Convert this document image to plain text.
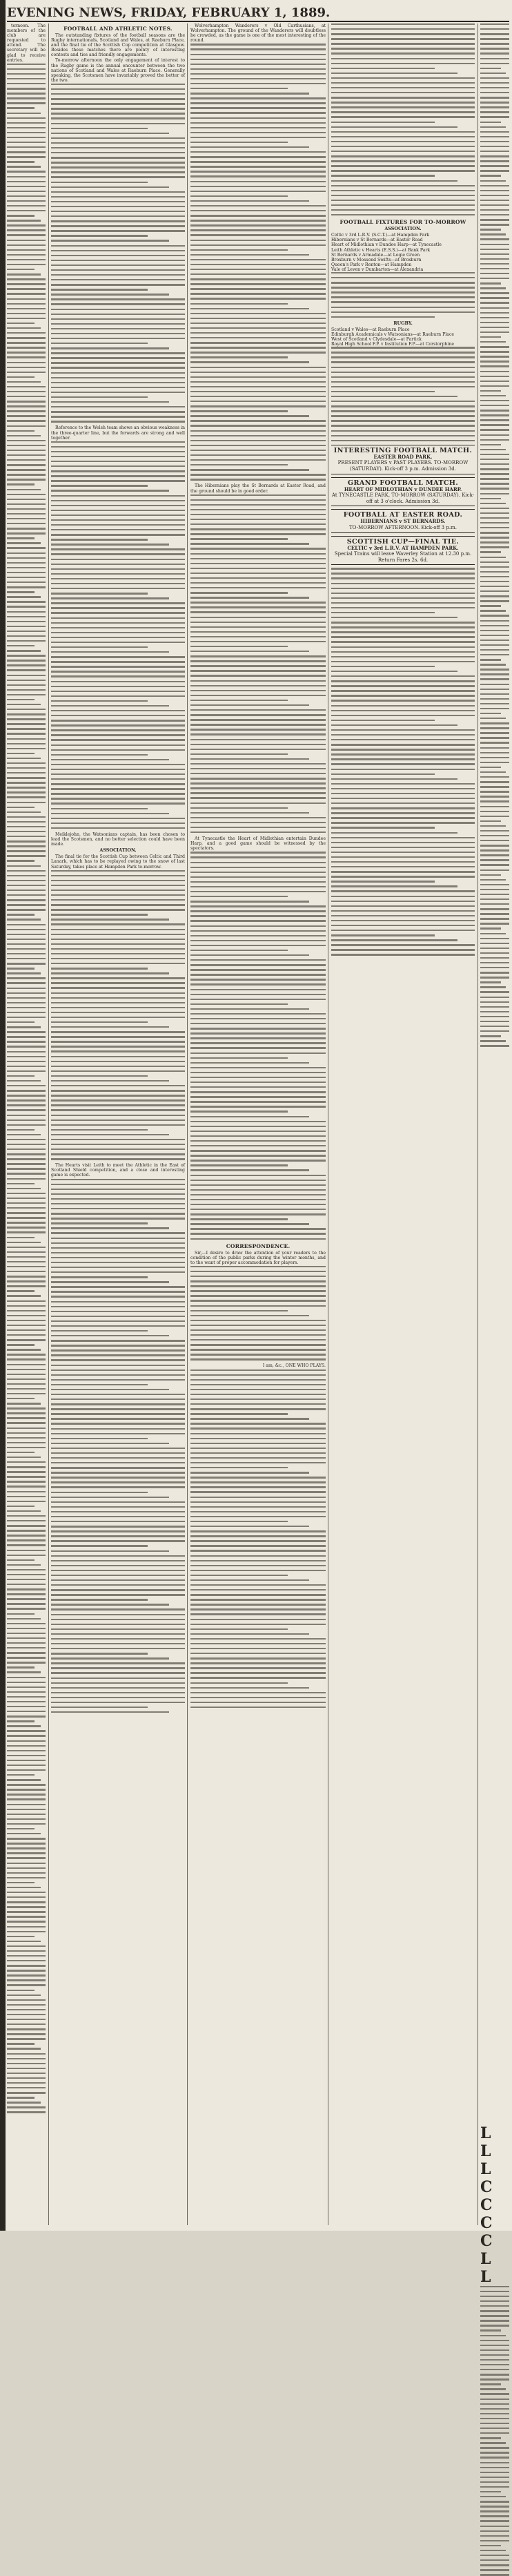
EVENING NEWS, FRIDAY, FEBRUARY 1, 1889.

ternoon. The members of the club are requested to attend. The secretary will be glad to receive entries.

FOOTBALL AND ATHLETIC NOTES.

The outstanding fixtures of the football seasons are the Rugby internationals, Scotland and Wales, at Raeburn Place, and the final tie of the Scottish Cup competition at Glasgow. Besides these matches there are plenty of interesting contests and ties and friendly engagements.

To-morrow afternoon the only engagement of interest to the Rugby game is the annual encounter between the two nations of Scotland and Wales at Raeburn Place. Generally speaking, the Scotsmen have invariably proved the better of the two.

Reference to the Welsh team shows an obvious weakness in the three-quarter line, but the forwards are strong and well together.

Meiklejohn, the Watsonians captain, has been chosen to lead the Scotsmen, and no better selection could have been made.

ASSOCIATION.

The final tie for the Scottish Cup between Celtic and Third Lanark, which has to be replayed owing to the snow of last Saturday, takes place at Hampden Park to-morrow.

The Hearts visit Leith to meet the Athletic in the East of Scotland Shield competition, and a close and interesting game is expected.

Wolverhampton Wanderers v Old Carthusians, at Wolverhampton. The ground of the Wanderers will doubtless be crowded, as the game is one of the most interesting of the round.

The Hibernians play the St Bernards at Easter Road, and the ground should be in good order.

At Tynecastle the Heart of Midlothian entertain Dundee Harp, and a good game should be witnessed by the spectators.

CORRESPONDENCE.

Sir,—I desire to draw the attention of your readers to the condition of the public parks during the winter months, and to the want of proper accommodation for players.

I am, &c., ONE WHO PLAYS.

FOOTBALL FIXTURES FOR TO-MORROW
ASSOCIATION.

Celtic v 3rd L.R.V. (S.C.T.)—at Hampden Park

Hibernians v St Bernards—at Easter Road

Heart of Midlothian v Dundee Harp—at Tynecastle

Leith Athletic v Hearts (E.S.S.)—at Bank Park

St Bernards v Armadale—at Logie Green

Broxburn v Mossend Swifts—at Broxburn

Queen's Park v Renton—at Hampden

Vale of Leven v Dumbarton—at Alexandria

RUGBY.

Scotland v Wales—at Raeburn Place

Edinburgh Academicals v Watsonians—at Raeburn Place

West of Scotland v Clydesdale—at Partick

Royal High School F.P. v Institution F.P.—at Corstorphine

INTERESTING FOOTBALL MATCH.
EASTER ROAD PARK.
PRESENT PLAYERS v PAST PLAYERS. TO-MORROW (SATURDAY). Kick-off 3 p.m. Admission 3d.
GRAND FOOTBALL MATCH.
HEART OF MIDLOTHIAN v DUNDEE HARP.
At TYNECASTLE PARK, TO-MORROW (SATURDAY). Kick-off at 3 o'clock. Admission 3d.
FOOTBALL AT EASTER ROAD.
HIBERNIANS v ST BERNARDS.
TO-MORROW AFTERNOON. Kick-off 3 p.m.
SCOTTISH CUP—FINAL TIE.
CELTIC v 3rd L.R.V. AT HAMPDEN PARK.
Special Trains will leave Waverley Station at 12.30 p.m. Return Fares 2s. 6d.
L
L
L
C
C
C
C
L
L
